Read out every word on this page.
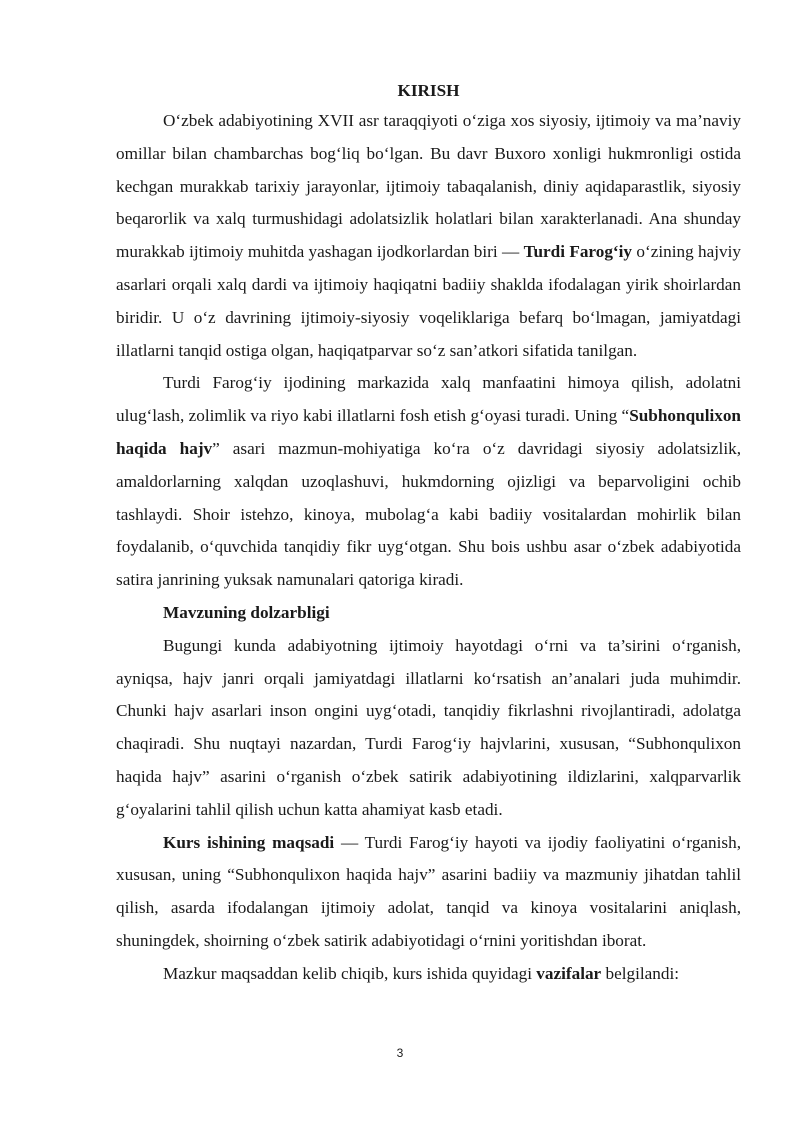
KIRISH

O‘zbek adabiyotining XVII asr taraqqiyoti o‘ziga xos siyosiy, ijtimoiy va ma’naviy omillar bilan chambarchas bog‘liq bo‘lgan. Bu davr Buxoro xonligi hukmronligi ostida kechgan murakkab tarixiy jarayonlar, ijtimoiy tabaqalanish, diniy aqidaparastlik, siyosiy beqarorlik va xalq turmushidagi adolatsizlik holatlari bilan xarakterlanadi. Ana shunday murakkab ijtimoiy muhitda yashagan ijodkorlardan biri — Turdi Farog‘iy o‘zining hajviy asarlari orqali xalq dardi va ijtimoiy haqiqatni badiiy shaklda ifodalagan yirik shoirlardan biridir. U o‘z davrining ijtimoiy-siyosiy voqeliklariga befarq bo‘lmagan, jamiyatdagi illatlarni tanqid ostiga olgan, haqiqatparvar so‘z san’atkori sifatida tanilgan.

Turdi Farog‘iy ijodining markazida xalq manfaatini himoya qilish, adolatni ulug‘lash, zolimlik va riyo kabi illatlarni fosh etish g‘oyasi turadi. Uning “Subhonqulixon haqida hajv” asari mazmun-mohiyatiga ko‘ra o‘z davridagi siyosiy adolatsizlik, amaldorlarning xalqdan uzoqlashuvi, hukmdorning ojizligi va beparvoligini ochib tashlaydi. Shoir istehzo, kinoya, mubolag‘a kabi badiiy vositalardan mohirlik bilan foydalanib, o‘quvchida tanqidiy fikr uyg‘otgan. Shu bois ushbu asar o‘zbek adabiyotida satira janrining yuksak namunalari qatoriga kiradi.

Mavzuning dolzarbligi

Bugungi kunda adabiyotning ijtimoiy hayotdagi o‘rni va ta’sirini o‘rganish, ayniqsa, hajv janri orqali jamiyatdagi illatlarni ko‘rsatish an’analari juda muhimdir. Chunki hajv asarlari inson ongini uyg‘otadi, tanqidiy fikrlashni rivojlantiradi, adolatga chaqiradi. Shu nuqtayi nazardan, Turdi Farog‘iy hajvlarini, xususan, “Subhonqulixon haqida hajv” asarini o‘rganish o‘zbek satirik adabiyotining ildizlarini, xalqparvarlik g‘oyalarini tahlil qilish uchun katta ahamiyat kasb etadi.

Kurs ishining maqsadi — Turdi Farog‘iy hayoti va ijodiy faoliyatini o‘rganish, xususan, uning “Subhonqulixon haqida hajv” asarini badiiy va mazmuniy jihatdan tahlil qilish, asarda ifodalangan ijtimoiy adolat, tanqid va kinoya vositalarini aniqlash, shuningdek, shoirning o‘zbek satirik adabiyotidagi o‘rnini yoritishdan iborat.

Mazkur maqsaddan kelib chiqib, kurs ishida quyidagi vazifalar belgilandi:

3
